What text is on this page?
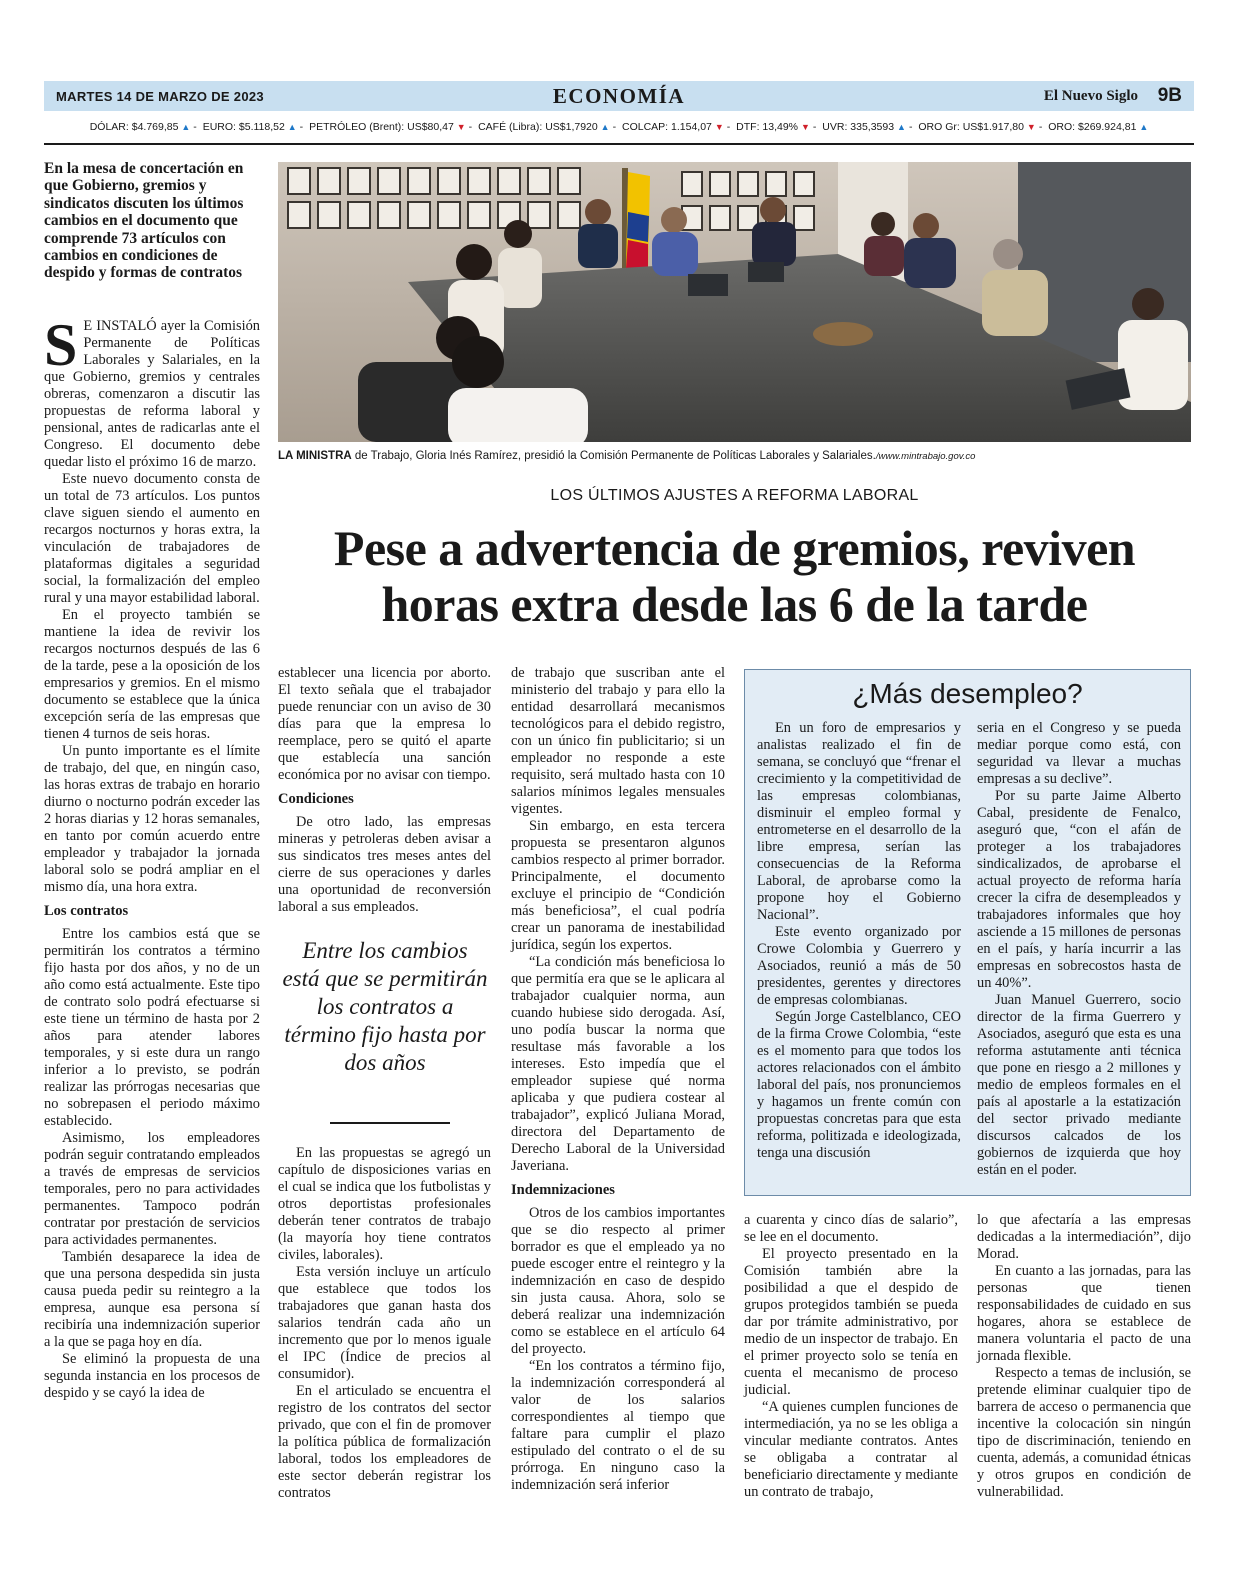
MARTES 14 DE MARZO DE 2023	ECONOMÍA	El Nuevo Siglo 9B
DÓLAR: $4.769,85 ▲ - EURO: $5.118,52 ▲ - PETRÓLEO (Brent): US$80,47 ▼ - CAFÉ (Libra): US$1,7920 ▲ - COLCAP: 1.154,07 ▼ - DTF: 13,49% ▼ - UVR: 335,3593 ▲ - ORO Gr: US$1.917,80 ▼ - ORO: $269.924,81 ▲
En la mesa de concertación en que Gobierno, gremios y sindicatos discuten los últimos cambios en el documento que comprende 73 artículos con cambios en condiciones de despido y formas de contratos

S E INSTALÓ ayer la Comisión Permanente de Políticas Laborales y Salariales, en la que Gobierno, gremios y centrales obreras, comenzaron a discutir las propuestas de reforma laboral y pensional, antes de radicarlas ante el Congreso. El documento debe quedar listo el próximo 16 de marzo.

Este nuevo documento consta de un total de 73 artículos. Los puntos clave siguen siendo el aumento en recargos nocturnos y horas extra, la vinculación de trabajadores de plataformas digitales a seguridad social, la formalización del empleo rural y una mayor estabilidad laboral.

En el proyecto también se mantiene la idea de revivir los recargos nocturnos después de las 6 de la tarde, pese a la oposición de los empresarios y gremios. En el mismo documento se establece que la única excepción sería de las empresas que tienen 4 turnos de seis horas.

Un punto importante es el límite de trabajo, del que, en ningún caso, las horas extras de trabajo en horario diurno o nocturno podrán exceder las 2 horas diarias y 12 horas semanales, en tanto por común acuerdo entre empleador y trabajador la jornada laboral solo se podrá ampliar en el mismo día, una hora extra.

Los contratos

Entre los cambios está que se permitirán los contratos a término fijo hasta por dos años, y no de un año como está actualmente. Este tipo de contrato solo podrá efectuarse si este tiene un término de hasta por 2 años para atender labores temporales, y si este dura un rango inferior a lo previsto, se podrán realizar las prórrogas necesarias que no sobrepasen el periodo máximo establecido.

Asimismo, los empleadores podrán seguir contratando empleados a través de empresas de servicios temporales, pero no para actividades permanentes. Tampoco podrán contratar por prestación de servicios para actividades permanentes.

También desaparece la idea de que una persona despedida sin justa causa pueda pedir su reintegro a la empresa, aunque esa persona sí recibiría una indemnización superior a la que se paga hoy en día.

Se eliminó la propuesta de una segunda instancia en los procesos de despido y se cayó la idea de

LA MINISTRA de Trabajo, Gloria Inés Ramírez, presidió la Comisión Permanente de Políticas Laborales y Salariales./www.mintrabajo.gov.co
LOS ÚLTIMOS AJUSTES A REFORMA LABORAL
Pese a advertencia de gremios, reviven
horas extra desde las 6 de la tarde

establecer una licencia por aborto. El texto señala que el trabajador puede renunciar con un aviso de 30 días para que la empresa lo reemplace, pero se quitó el aparte que establecía una sanción económica por no avisar con tiempo.

Condiciones

De otro lado, las empresas mineras y petroleras deben avisar a sus sindicatos tres meses antes del cierre de sus operaciones y darles una oportunidad de reconversión laboral a sus empleados.

Entre los cambios está que se permitirán los contratos a término fijo hasta por dos años

En las propuestas se agregó un capítulo de disposiciones varias en el cual se indica que los futbolistas y otros deportistas profesionales deberán tener contratos de trabajo (la mayoría hoy tiene contratos civiles, laborales).

Esta versión incluye un artículo que establece que todos los trabajadores que ganan hasta dos salarios tendrán cada año un incremento que por lo menos iguale el IPC (Índice de precios al consumidor).

En el articulado se encuentra el registro de los contratos del sector privado, que con el fin de promover la política pública de formalización laboral, todos los empleadores de este sector deberán registrar los contratos

de trabajo que suscriban ante el ministerio del trabajo y para ello la entidad desarrollará mecanismos tecnológicos para el debido registro, con un único fin publicitario; si un empleador no responde a este requisito, será multado hasta con 10 salarios mínimos legales mensuales vigentes.

Sin embargo, en esta tercera propuesta se presentaron algunos cambios respecto al primer borrador. Principalmente, el documento excluye el principio de “Condición más beneficiosa”, el cual podría crear un panorama de inestabilidad jurídica, según los expertos.

“La condición más beneficiosa lo que permitía era que se le aplicara al trabajador cualquier norma, aun cuando hubiese sido derogada. Así, uno podía buscar la norma que resultase más favorable a los intereses. Esto impedía que el empleador supiese qué norma aplicaba y que pudiera costear al trabajador”, explicó Juliana Morad, directora del Departamento de Derecho Laboral de la Universidad Javeriana.

Indemnizaciones

Otros de los cambios importantes que se dio respecto al primer borrador es que el empleado ya no puede escoger entre el reintegro y la indemnización en caso de despido sin justa causa. Ahora, solo se deberá realizar una indemnización como se establece en el artículo 64 del proyecto.

“En los contratos a término fijo, la indemnización corresponderá al valor de los salarios correspondientes al tiempo que faltare para cumplir el plazo estipulado del contrato o el de su prórroga. En ninguno caso la indemnización será inferior

¿Más desempleo?

En un foro de empresarios y analistas realizado el fin de semana, se concluyó que “frenar el crecimiento y la competitividad de las empresas colombianas, disminuir el empleo formal y entrometerse en el desarrollo de la libre empresa, serían las consecuencias de la Reforma Laboral, de aprobarse como la propone hoy el Gobierno Nacional”.

Este evento organizado por Crowe Colombia y Guerrero y Asociados, reunió a más de 50 presidentes, gerentes y directores de empresas colombianas.

Según Jorge Castelblanco, CEO de la firma Crowe Colombia, “este es el momento para que todos los actores relacionados con el ámbito laboral del país, nos pronunciemos y hagamos un frente común con propuestas concretas para que esta reforma, politizada e ideologizada, tenga una discusión

seria en el Congreso y se pueda mediar porque como está, con seguridad va llevar a muchas empresas a su declive”.

Por su parte Jaime Alberto Cabal, presidente de Fenalco, aseguró que, “con el afán de proteger a los trabajadores sindicalizados, de aprobarse el actual proyecto de reforma haría crecer la cifra de desempleados y trabajadores informales que hoy asciende a 15 millones de personas en el país, y haría incurrir a las empresas en sobrecostos hasta de un 40%”.

Juan Manuel Guerrero, socio director de la firma Guerrero y Asociados, aseguró que esta es una reforma astutamente anti técnica que pone en riesgo a 2 millones y medio de empleos formales en el país al apostarle a la estatización del sector privado mediante discursos calcados de los gobiernos de izquierda que hoy están en el poder.

a cuarenta y cinco días de salario”, se lee en el documento.

El proyecto presentado en la Comisión también abre la posibilidad a que el despido de grupos protegidos también se pueda dar por trámite administrativo, por medio de un inspector de trabajo. En el primer proyecto solo se tenía en cuenta el mecanismo de proceso judicial.

“A quienes cumplen funciones de intermediación, ya no se les obliga a vincular mediante contratos. Antes se obligaba a contratar al beneficiario directamente y mediante un contrato de trabajo,

lo que afectaría a las empresas dedicadas a la intermediación”, dijo Morad.

En cuanto a las jornadas, para las personas que tienen responsabilidades de cuidado en sus hogares, ahora se establece de manera voluntaria el pacto de una jornada flexible.

Respecto a temas de inclusión, se pretende eliminar cualquier tipo de barrera de acceso o permanencia que incentive la colocación sin ningún tipo de discriminación, teniendo en cuenta, además, a comunidad étnicas y otros grupos en condición de vulnerabilidad.
